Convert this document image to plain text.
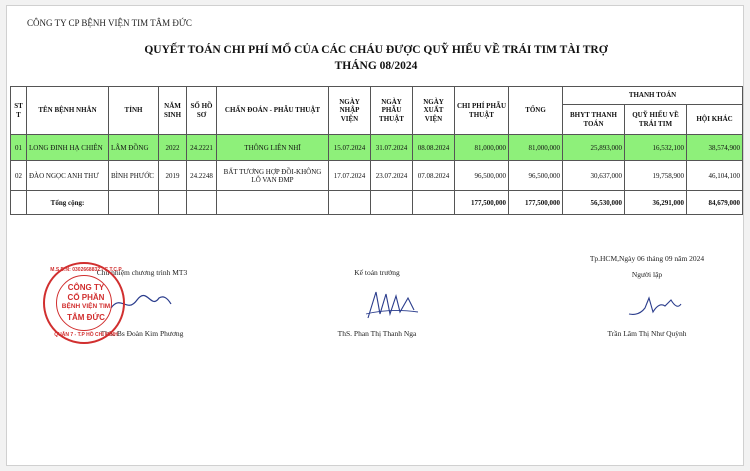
CÔNG TY CP BỆNH VIỆN TIM TÂM ĐỨC
QUYẾT TOÁN CHI PHÍ MỔ CỦA CÁC CHÁU ĐƯỢC QUỸ HIỂU VỀ TRÁI TIM TÀI TRỢ
THÁNG 08/2024
ST T	TÊN BỆNH NHÂN	TỈNH	NĂM SINH	SỐ HỒ SƠ	CHẨN ĐOÁN - PHẪU THUẬT	NGÀY NHẬP VIỆN	NGÀY PHẪU THUẬT	NGÀY XUẤT VIỆN	CHI PHÍ PHẪU THUẬT	TỔNG	THANH TOÁN		
											BHYT THANH TOÁN	QUỸ HIỂU VỀ TRÁI TIM	HỘI KHÁC
01	LONG ĐINH HẠ CHIÊN	LÂM ĐỒNG	2022	24.2221	THÔNG LIÊN NHĨ	15.07.2024	31.07.2024	08.08.2024	81,000,000	81,000,000	25,893,000	16,532,100	38,574,900
02	ĐÀO NGỌC ANH THƯ	BÌNH PHƯỚC	2019	24.2248	BẤT TƯƠNG HỢP ĐỒI-KHÔNG LỖ VAN ĐMP	17.07.2024	23.07.2024	07.08.2024	96,500,000	96,500,000	30,637,000	19,758,900	46,104,100
	Tổng cộng:								177,500,000	177,500,000	56,530,000	36,291,000	84,679,000
Chủ nhiệm chương trình MT3
ThS. Bs Đoàn Kim Phương
Kế toán trưởng
ThS. Phan Thị Thanh Nga
Tp.HCM,Ngày 06 tháng 09 năm 2024
Người lập
Trần Lâm Thị Như Quỳnh
M.S.D.N: 0302668832 - C.T.C.P
CÔNG TY
CỔ PHẦN
BỆNH VIỆN TIM
TÂM ĐỨC
QUẬN 7 - T.P HỒ CHÍ MINH
